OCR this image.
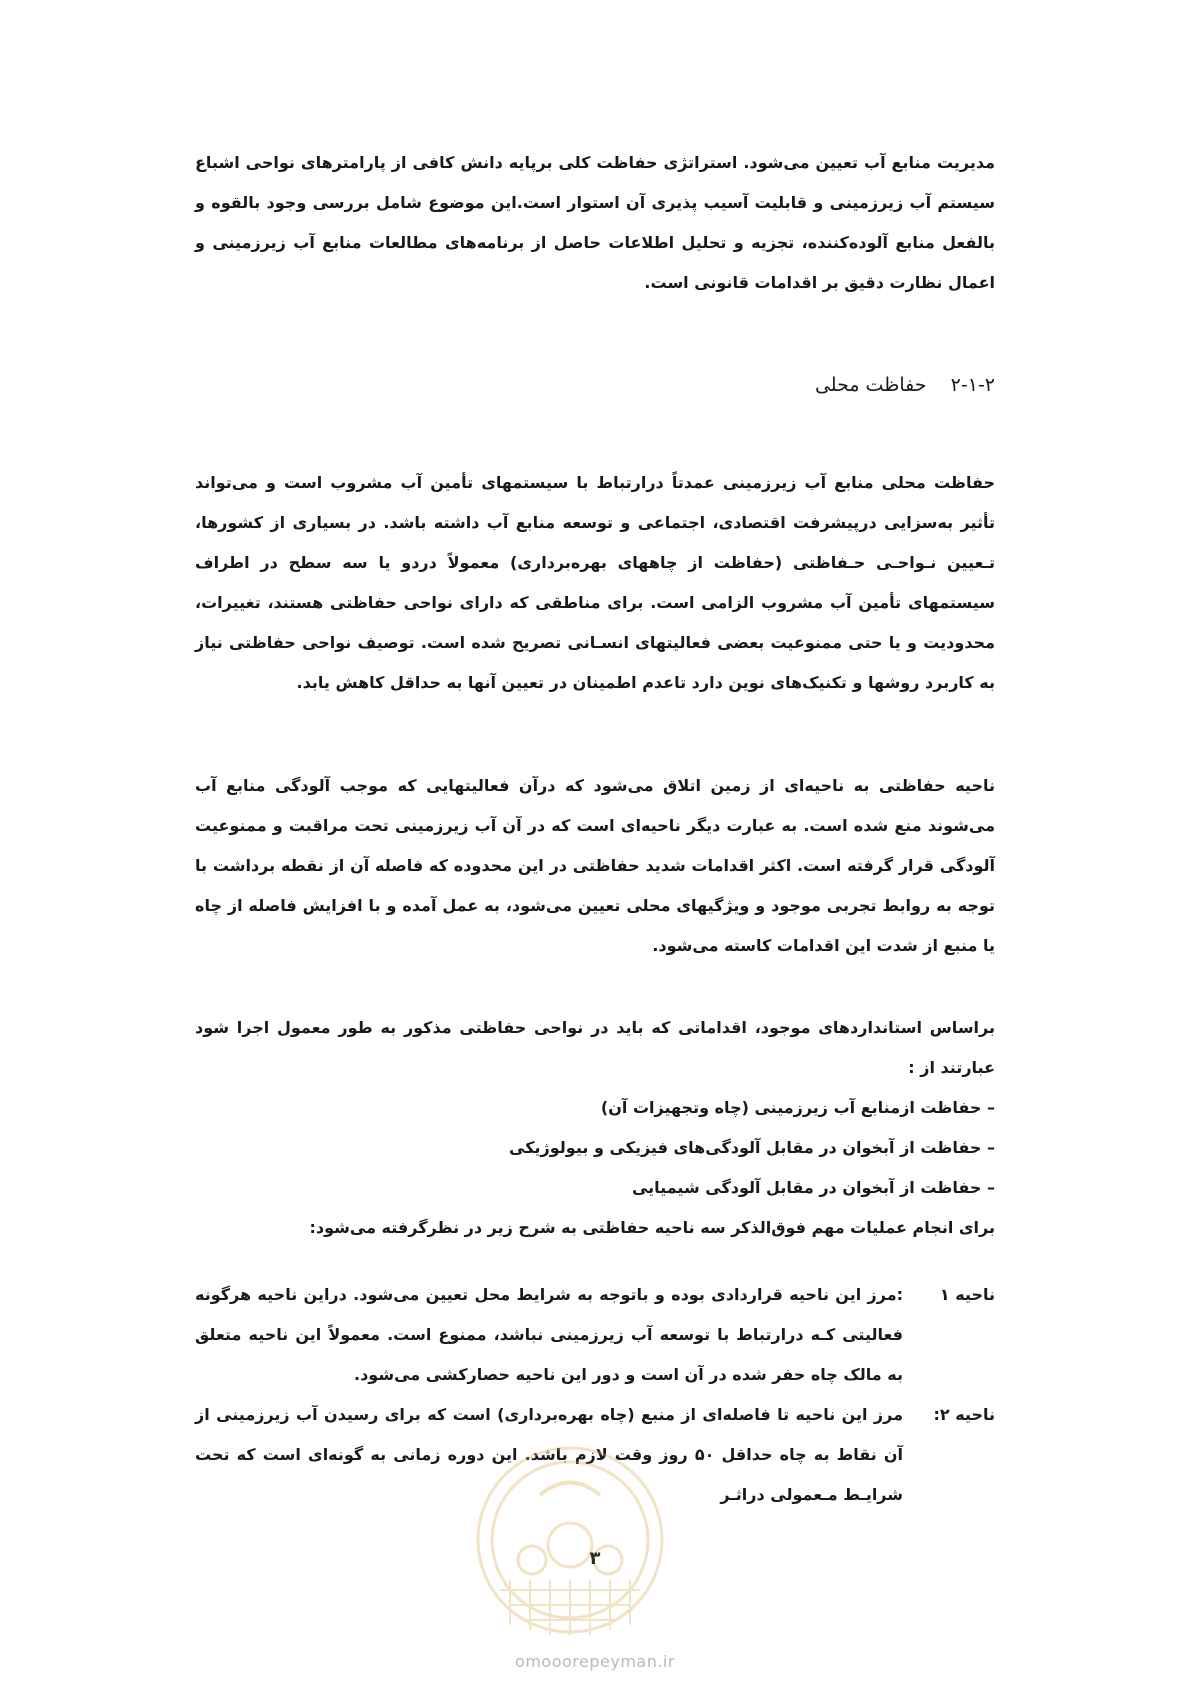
مدیریت منابع آب تعیین می‌شود. استراتژی حفاظت کلی برپایه دانش کافی از پارامترهای نواحی اشباع سیستم آب زیرزمینی و قابلیت آسیب پذیری آن استوار است.این موضوع شامل بررسی وجود بالقوه و بالفعل منابع آلوده‌کننده، تجزیه و تحلیل اطلاعات حاصل از برنامه‌های مطالعات منابع آب زیرزمینی و اعمال نظارت دقیق بر اقدامات قانونی است.

۲-۱-۲    حفاظت محلی

حفاظت محلی منابع آب زیرزمینی عمدتاً درارتباط با سیستمهای تأمین آب مشروب است و می‌تواند تأثیر به‌سزایی درپیشرفت اقتصادی، اجتماعی و توسعه منابع آب داشته باشد. در بسیاری از کشورها، تـعیین نـواحـی حـفاظتی (حفاظت از چاههای بهره‌برداری) معمولاً دردو یا سه سطح در اطراف سیستمهای تأمین آب مشروب الزامی است. برای مناطقی که دارای نواحی حفاظتی هستند، تغییرات، محدودیت و یا حتی ممنوعیت بعضی فعالیتهای انسـانی تصریح شده است. توصیف نواحی حفاظتی نیاز به کاربرد روشها و تکنیک‌های نوین دارد تاعدم اطمینان در تعیین آنها به حداقل کاهش یابد.

ناحیه حفاظتی به ناحیه‌ای از زمین اتلاق می‌شود که درآن فعالیتهایی که موجب آلودگی منابع آب می‌شوند منع شده است. به عبارت دیگر ناحیه‌ای است که در آن آب زیرزمینی تحت مراقبت و ممنوعیت آلودگی قرار گرفته است. اکثر اقدامات شدید حفاظتی در این محدوده که فاصله آن از نقطه برداشت با توجه به روابط تجربی موجود و ویژگیهای محلی تعیین می‌شود، به عمل آمده و با افزایش فاصله از چاه یا منبع از شدت این اقدامات کاسته می‌شود.

براساس استانداردهای موجود، اقداماتی که باید در نواحی حفاظتی مذکور به طور معمول اجرا شود عبارتند از :

– حفاظت ازمنابع آب زیرزمینی (چاه وتجهیزات آن)

– حفاظت از آبخوان در مقابل آلودگی‌های فیزیکی و بیولوژیکی

– حفاظت از آبخوان در مقابل آلودگی شیمیایی

برای انجام عملیات مهم فوق‌الذکر سه ناحیه حفاظتی به شرح زیر در نظرگرفته می‌شود:

ناحیه ۱
:مرز این ناحیه قراردادی بوده و باتوجه به شرایط محل تعیین می‌شود. دراین ناحیه هرگونه فعالیتی کـه درارتباط با توسعه آب زیرزمینی نباشد، ممنوع است. معمولاً این ناحیه متعلق به مالک چاه حفر شده در آن است و دور این ناحیه حصارکشی می‌شود.
ناحیه ۲:
مرز این ناحیه تا فاصله‌ای از منبع (چاه بهره‌برداری) است که برای رسیدن آب زیرزمینی از آن نقاط به چاه حداقل ۵۰ روز وقت لازم باشد. این دوره زمانی به گونه‌ای است که تحت شرایـط مـعمولی دراثـر
۳
omooorepeyman.ir
